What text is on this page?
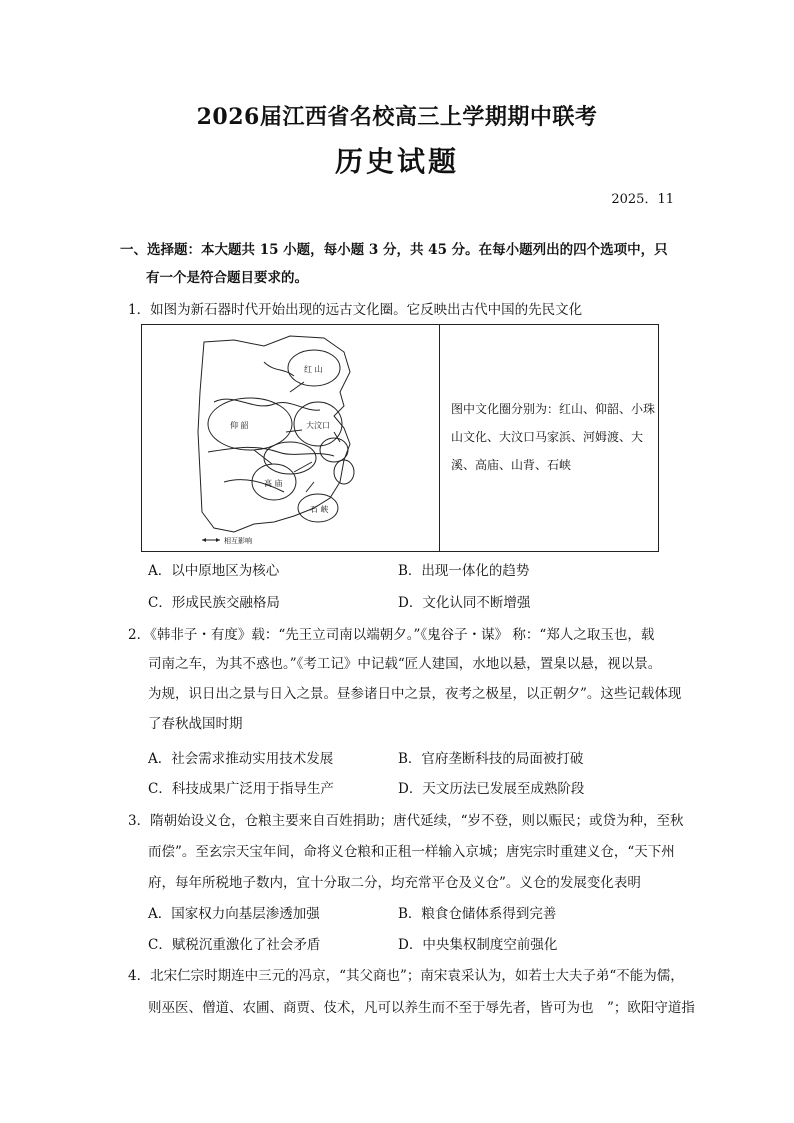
2026届江西省名校高三上学期期中联考
历史试题
2025．11
一、选择题：本大题共 15 小题，每小题 3 分，共 45 分。在每小题列出的四个选项中，只
有一个是符合题目要求的。
1．如图为新石器时代开始出现的远古文化圈。它反映出古代中国的先民文化
红 山
仰 韶	大汶口
高 庙
石 峡
相互影响
图中文化圈分别为：红山、仰韶、小珠山文化、大汶口马家浜、河姆渡、大溪、高庙、山背、石峡
A．以中原地区为核心	B．出现一体化的趋势
C．形成民族交融格局	D．文化认同不断增强
2．《韩非子・有度》载：“先王立司南以端朝夕。”《鬼谷子・谋》 称：“郑人之取玉也，载
司南之车，为其不惑也。”《考工记》中记载“匠人建国，水地以悬，置臬以悬，视以景。
为规，识日出之景与日入之景。昼参诸日中之景，夜考之极星，以正朝夕”。这些记载体现
了春秋战国时期
A．社会需求推动实用技术发展	B．官府垄断科技的局面被打破
C．科技成果广泛用于指导生产	D．天文历法已发展至成熟阶段
3．隋朝始设义仓，仓粮主要来自百姓捐助；唐代延续，“岁不登，则以赈民；或贷为种，至秋
而偿”。至玄宗天宝年间，命将义仓粮和正租一样输入京城；唐宪宗时重建义仓，“天下州
府，每年所税地子数内，宜十分取二分，均充常平仓及义仓”。义仓的发展变化表明
A．国家权力向基层渗透加强	B．粮食仓储体系得到完善
C．赋税沉重激化了社会矛盾	D．中央集权制度空前强化
4．北宋仁宗时期连中三元的冯京，“其父商也”；南宋袁采认为，如若士大夫子弟“不能为儒，
则巫医、僧道、农圃、商贾、伎术，凡可以养生而不至于辱先者，皆可为也　”；欧阳守道指
